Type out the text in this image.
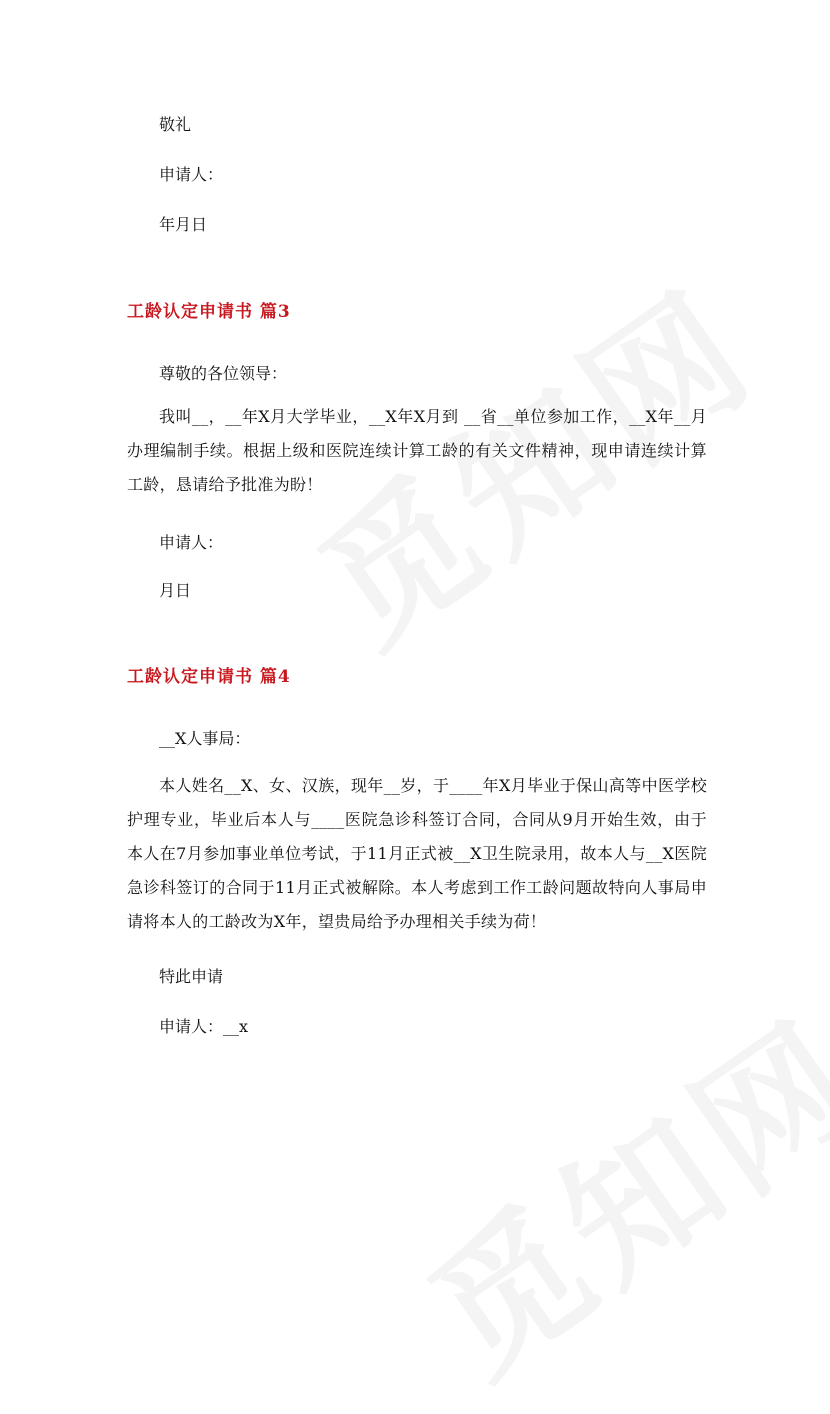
敬礼
申请人：
年月日
工龄认定申请书 篇3
尊敬的各位领导：
我叫__，__年X月大学毕业，__X年X月到 __省__单位参加工作，__X年__月办理编制手续。根据上级和医院连续计算工龄的有关文件精神，现申请连续计算工龄，恳请给予批准为盼！
申请人：
月日
工龄认定申请书 篇4
__X人事局：
本人姓名__X、女、汉族，现年__岁，于____年X月毕业于保山高等中医学校护理专业，毕业后本人与____医院急诊科签订合同，合同从9月开始生效，由于本人在7月参加事业单位考试，于11月正式被__X卫生院录用，故本人与__X医院急诊科签订的合同于11月正式被解除。本人考虑到工作工龄问题故特向人事局申请将本人的工龄改为X年，望贵局给予办理相关手续为荷！
特此申请
申请人：__x
